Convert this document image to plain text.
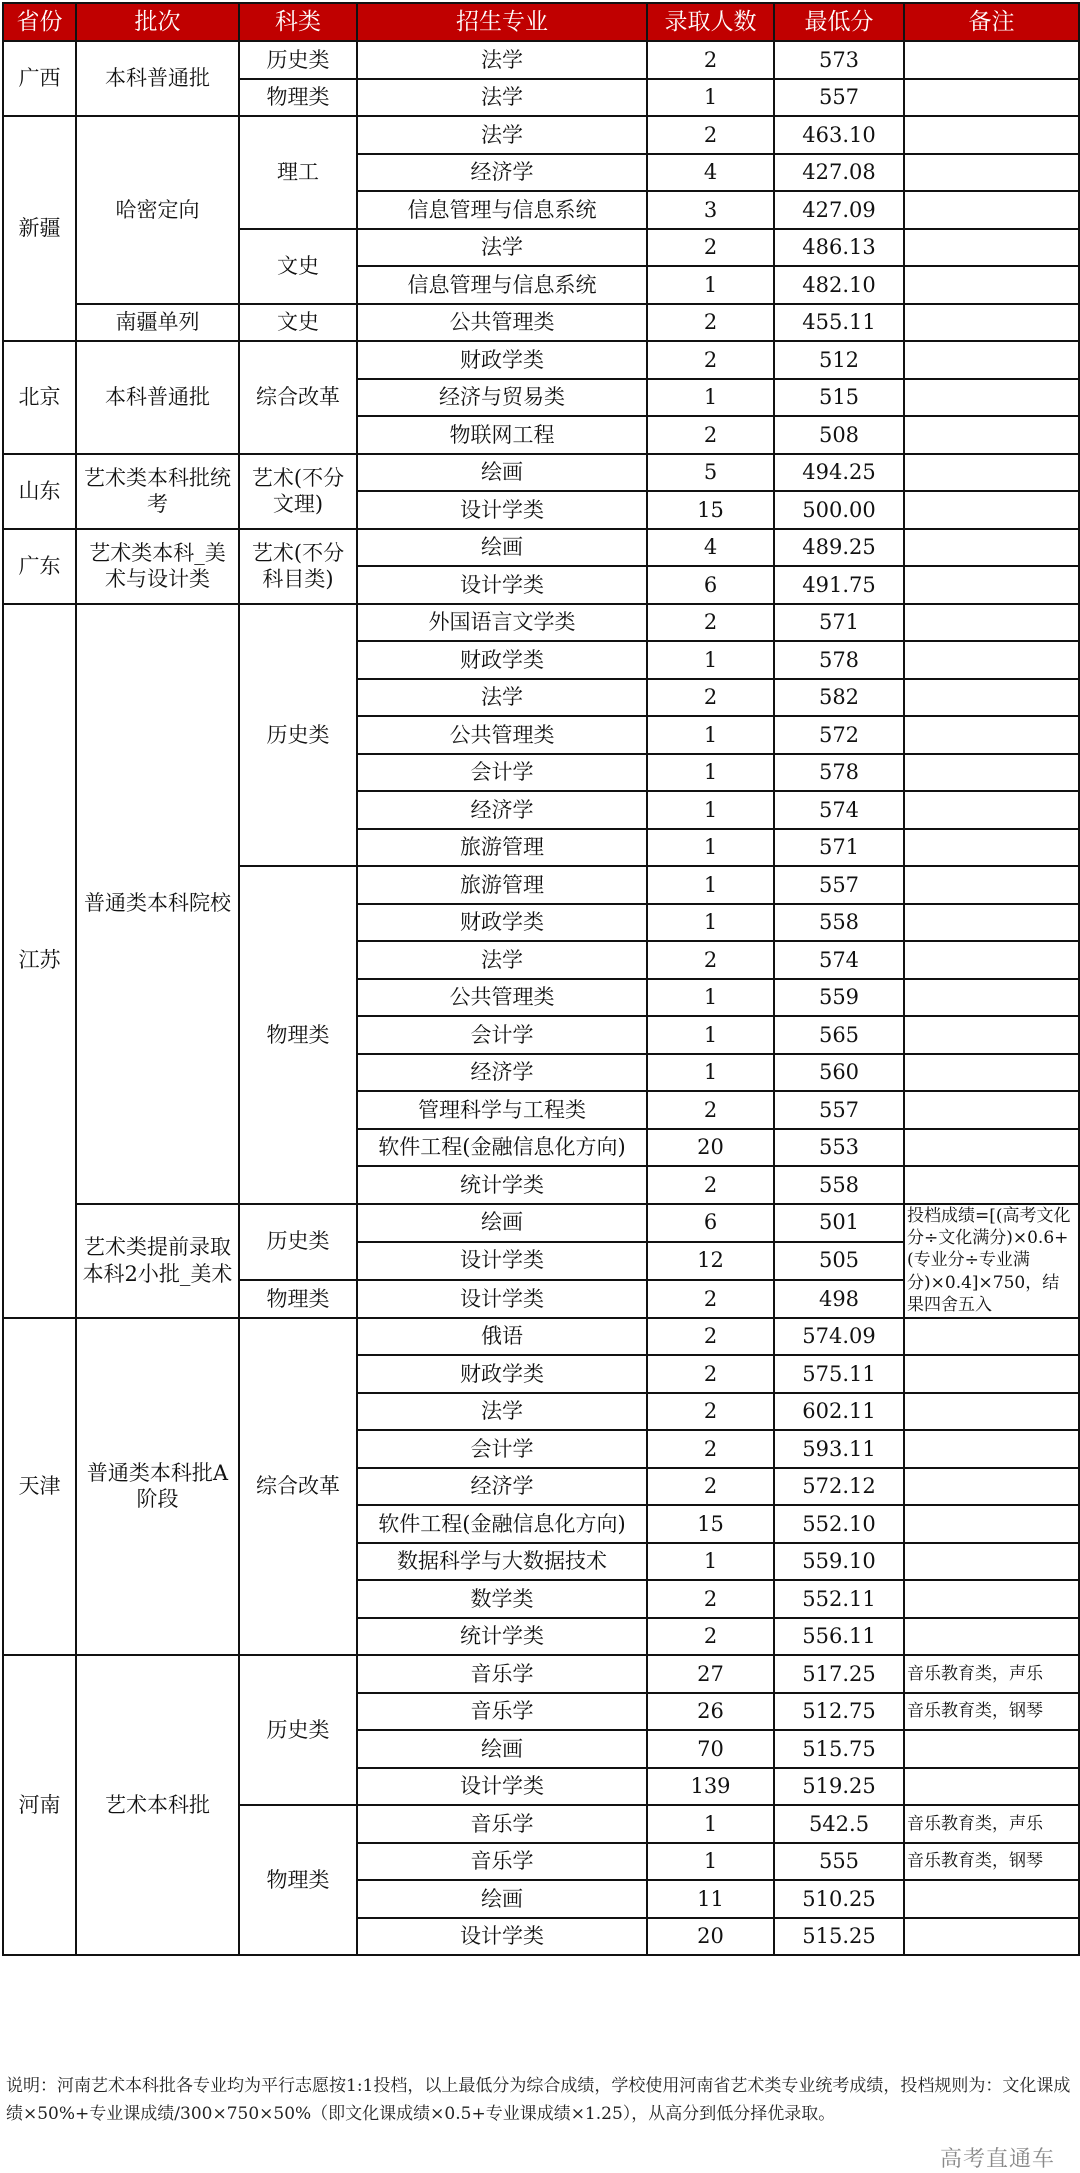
省份	批次	科类	招生专业	录取人数	最低分	备注
广西	本科普通批	历史类	法学	2	573	
		物理类	法学	1	557	
新疆	哈密定向	理工	法学	2	463.10	
			经济学	4	427.08	
			信息管理与信息系统	3	427.09	
		文史	法学	2	486.13	
			信息管理与信息系统	1	482.10	
	南疆单列	文史	公共管理类	2	455.11	
北京	本科普通批	综合改革	财政学类	2	512	
			经济与贸易类	1	515	
			物联网工程	2	508	
山东	艺术类本科批统考	艺术(不分文理)	绘画	5	494.25	
			设计学类	15	500.00	
广东	艺术类本科_美术与设计类	艺术(不分科目类)	绘画	4	489.25	
			设计学类	6	491.75	
江苏	普通类本科院校	历史类	外国语言文学类	2	571	
			财政学类	1	578	
			法学	2	582	
			公共管理类	1	572	
			会计学	1	578	
			经济学	1	574	
			旅游管理	1	571	
		物理类	旅游管理	1	557	
			财政学类	1	558	
			法学	2	574	
			公共管理类	1	559	
			会计学	1	565	
			经济学	1	560	
			管理科学与工程类	2	557	
			软件工程(金融信息化方向)	20	553	
			统计学类	2	558	
	艺术类提前录取本科2小批_美术	历史类	绘画	6	501	投档成绩=[(高考文化分÷文化满分)×0.6+(专业分÷专业满分)×0.4]×750，结果四舍五入
			设计学类	12	505	
		物理类	设计学类	2	498	
天津	普通类本科批A阶段	综合改革	俄语	2	574.09	
			财政学类	2	575.11	
			法学	2	602.11	
			会计学	2	593.11	
			经济学	2	572.12	
			软件工程(金融信息化方向)	15	552.10	
			数据科学与大数据技术	1	559.10	
			数学类	2	552.11	
			统计学类	2	556.11	
河南	艺术本科批	历史类	音乐学	27	517.25	音乐教育类，声乐
			音乐学	26	512.75	音乐教育类，钢琴
			绘画	70	515.75	
			设计学类	139	519.25	
		物理类	音乐学	1	542.5	音乐教育类，声乐
			音乐学	1	555	音乐教育类，钢琴
			绘画	11	510.25	
			设计学类	20	515.25	
说明：河南艺术本科批各专业均为平行志愿按1:1投档，以上最低分为综合成绩，学校使用河南省艺术类专业统考成绩，投档规则为：文化课成绩×50%+专业课成绩/300×750×50%（即文化课成绩×0.5+专业课成绩×1.25），从高分到低分择优录取。
高考直通车
